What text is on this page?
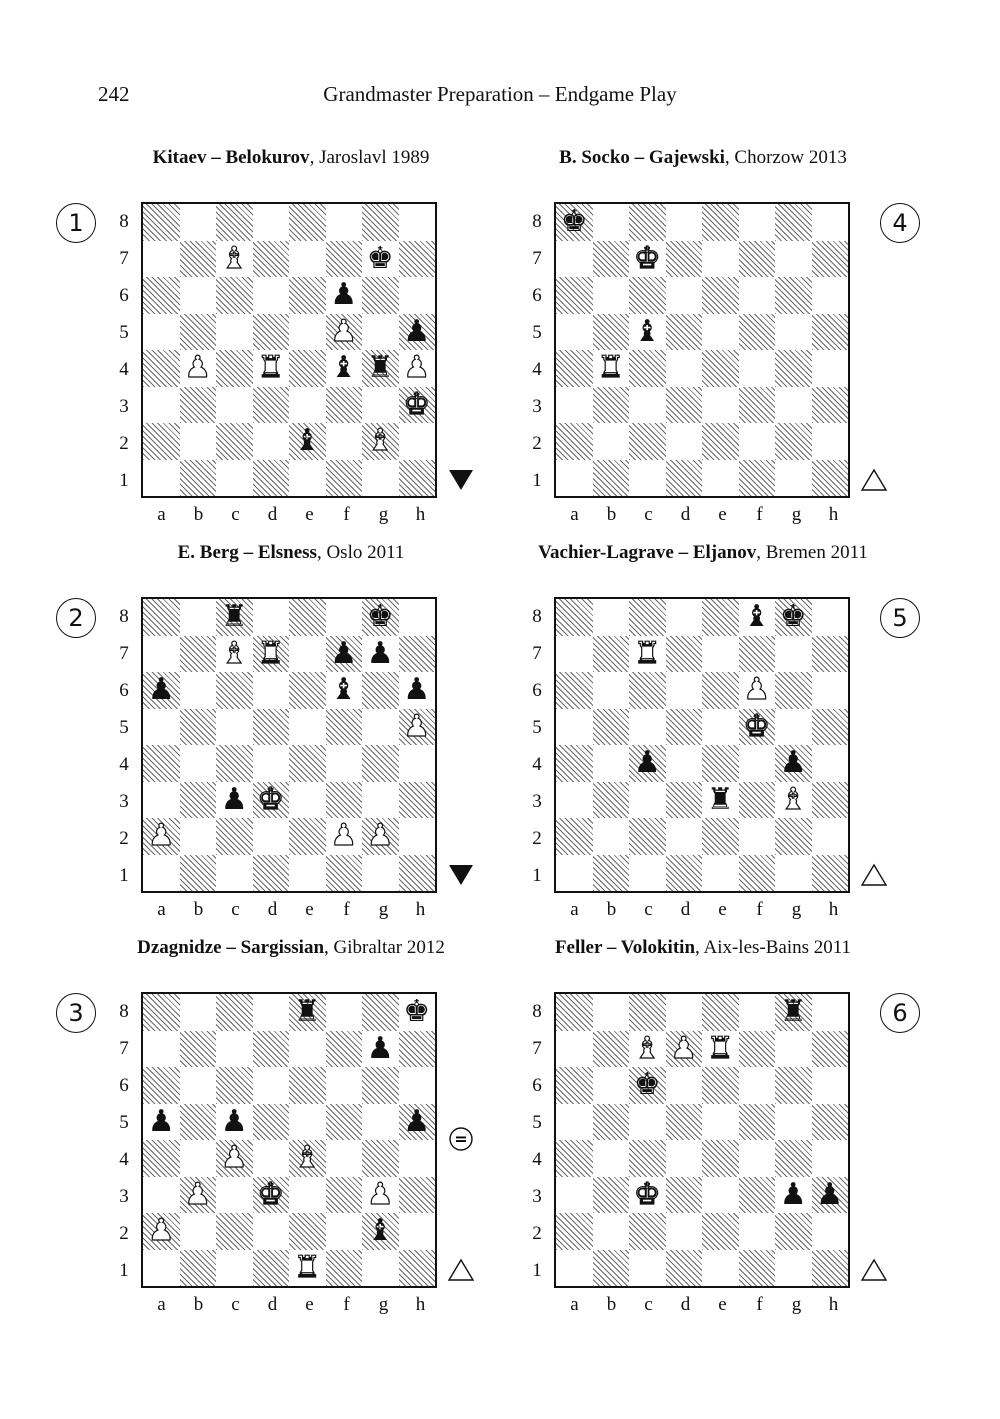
242	Grandmaster Preparation – Endgame Play
Kitaev – Belokurov, Jaroslavl 1989
♝	♚
♟
♟ ♟
♟ ♜ ♝ ♜ ♟
♚
♝ ♝
8
7
6
5
4
3
2
1
a	b	c	d	e	f	g	h
1
E. Berg – Elsness, Oslo 2011
♜	♚
♝ ♜ ♟ ♟
♟	♝ ♟
♟
♟ ♚
♟	♟ ♟
8
7
6
5
4
3
2
1
a	b	c	d	e	f	g	h
2
Dzagnidze – Sargissian, Gibraltar 2012
♜	♚
♟
♟ ♟	♟
♟ ♝
♟ ♚	♟
♟	♝
♜
8
7
6
5
4
3
2
1
a	b	c	d	e	f	g	h
3
=
B. Socko – Gajewski, Chorzow 2013
♚
♚
♝
♜
8
7
6
5
4
3
2
1
a	b	c	d	e	f	g	h
4
Vachier-Lagrave – Eljanov, Bremen 2011
♝ ♚
♜
♟
♚
♟	♟
♜ ♝
8
7
6
5
4
3
2
1
a	b	c	d	e	f	g	h
5
Feller – Volokitin, Aix-les-Bains 2011
♜
♝ ♟ ♜
♚
♚	♟ ♟
8
7
6
5
4
3
2
1
a	b	c	d	e	f	g	h
6
